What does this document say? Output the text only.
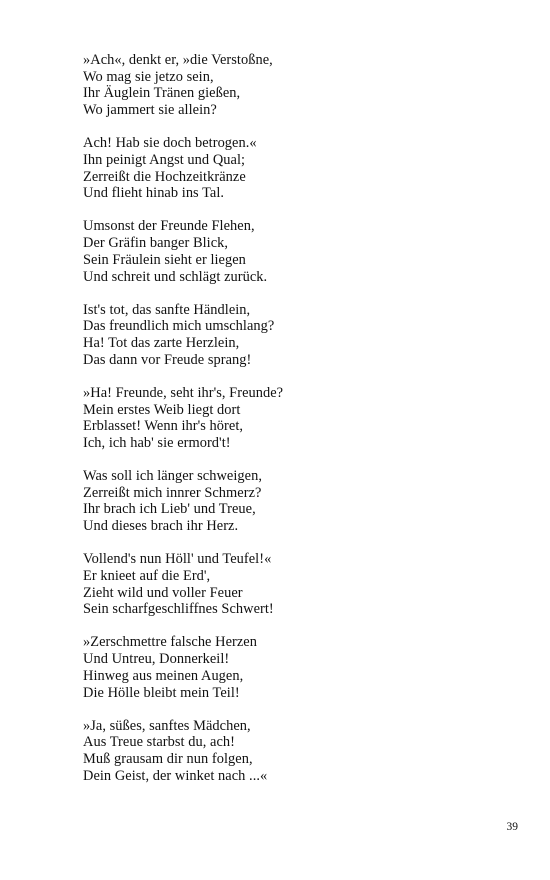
»Ach«, denkt er, »die Verstoßne,
Wo mag sie jetzo sein,
Ihr Äuglein Tränen gießen,
Wo jammert sie allein?
Ach! Hab sie doch betrogen.«
Ihn peinigt Angst und Qual;
Zerreißt die Hochzeitkränze
Und flieht hinab ins Tal.
Umsonst der Freunde Flehen,
Der Gräfin banger Blick,
Sein Fräulein sieht er liegen
Und schreit und schlägt zurück.
Ist's tot, das sanfte Händlein,
Das freundlich mich umschlang?
Ha! Tot das zarte Herzlein,
Das dann vor Freude sprang!
»Ha! Freunde, seht ihr's, Freunde?
Mein erstes Weib liegt dort
Erblasset! Wenn ihr's höret,
Ich, ich hab' sie ermord't!
Was soll ich länger schweigen,
Zerreißt mich innrer Schmerz?
Ihr brach ich Lieb' und Treue,
Und dieses brach ihr Herz.
Vollend's nun Höll' und Teufel!«
Er knieet auf die Erd',
Zieht wild und voller Feuer
Sein scharfgeschliffnes Schwert!
»Zerschmettre falsche Herzen
Und Untreu, Donnerkeil!
Hinweg aus meinen Augen,
Die Hölle bleibt mein Teil!
»Ja, süßes, sanftes Mädchen,
Aus Treue starbst du, ach!
Muß grausam dir nun folgen,
Dein Geist, der winket nach ...«
39
